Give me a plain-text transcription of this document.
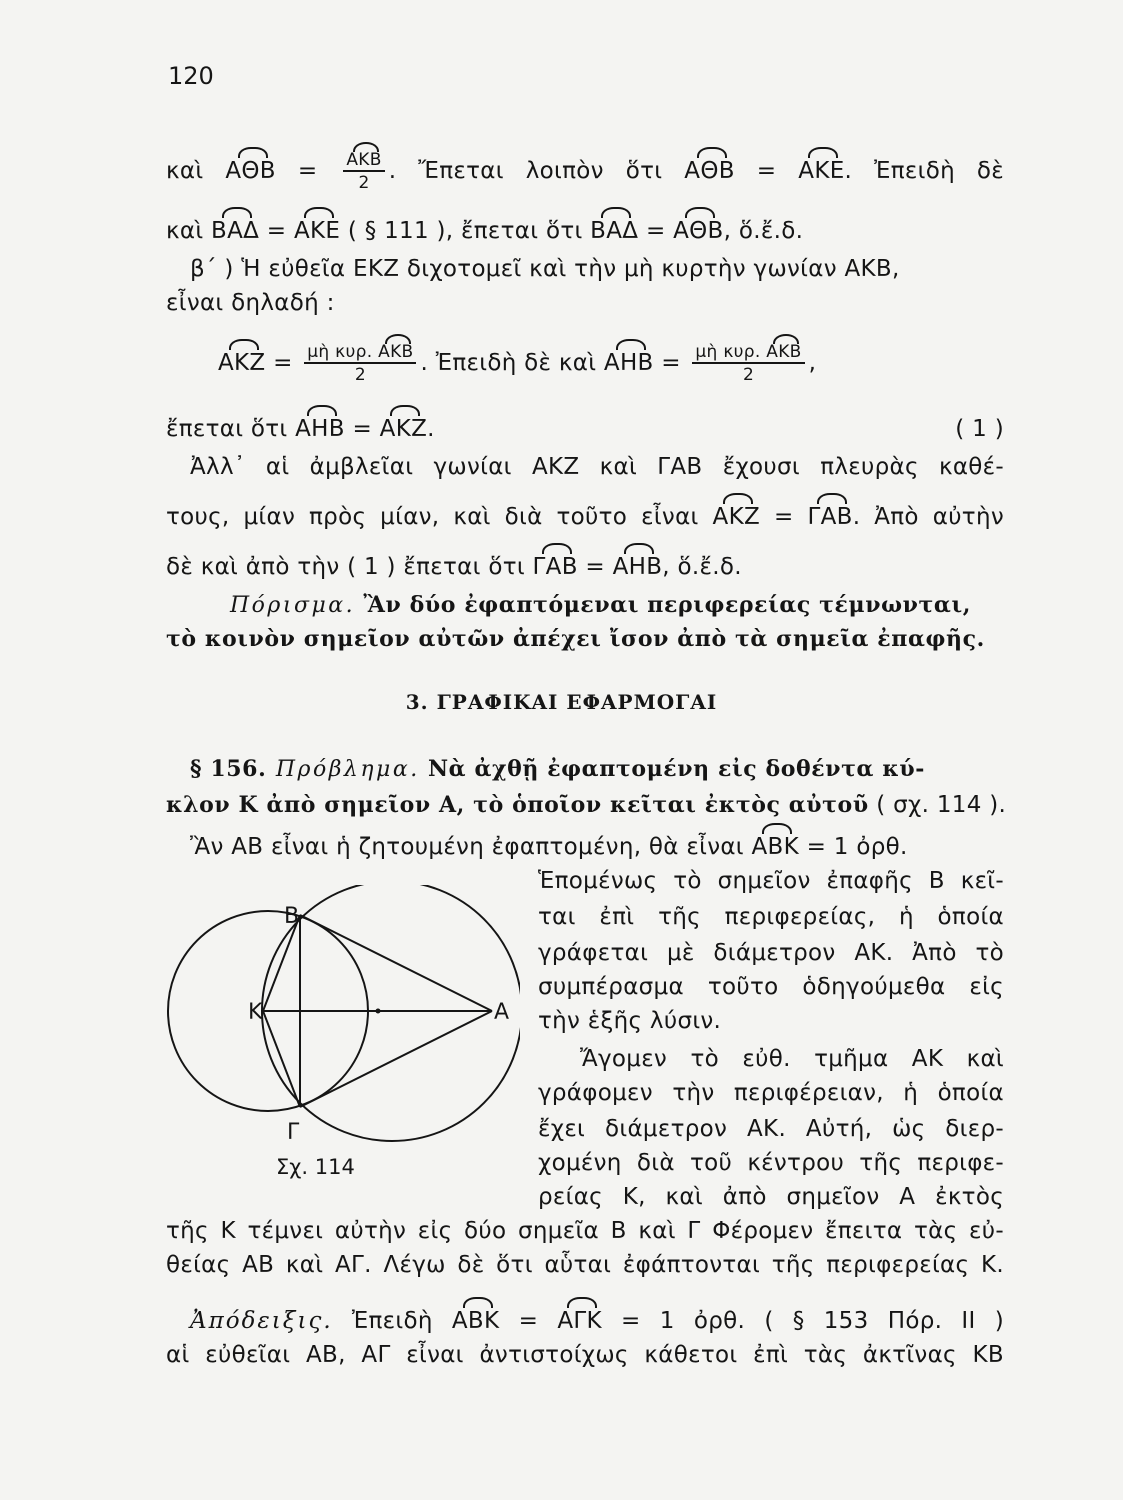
120
καὶ $A\Theta B = \frac{\text{ΑΚΒ}}{2}$ . Ἔπεται λοιπὸν ὅτι ΑΘΒ = ΑΚΕ. Ἐπειδὴ δὲ
καὶ ΒΑΔ = ΑΚΕ ( § 111 ), ἔπεται ὅτι ΒΑΔ = ΑΘΒ, ὅ.ἔ.δ.
β΄ ) Ἡ εὐθεῖα ΕΚΖ διχοτομεῖ καὶ τὴν μὴ κυρτὴν γωνίαν ΑΚΒ,
εἶναι δηλαδή :
$AKZ = \frac{\text{μὴ κυρ. ΑΚΒ}}{2}$ . Ἐπειδὴ δὲ καὶ $AHB = \frac{\text{μὴ κυρ. ΑΚΒ}}{2}$ ,
ἔπεται ὅτι ΑΗΒ = ΑΚΖ.	( 1 )
Ἀλλ᾽ αἱ ἀμβλεῖαι γωνίαι ΑΚΖ καὶ ΓΑΒ ἔχουσι πλευρὰς καθέ-
τους, μίαν πρὸς μίαν, καὶ διὰ τοῦτο εἶναι ΑΚΖ = ΓΑΒ. Ἀπὸ αὐτὴν
δὲ καὶ ἀπὸ τὴν ( 1 ) ἔπεται ὅτι ΓΑΒ = ΑΗΒ, ὅ.ἔ.δ.
Πόρισμα. Ἂν δύο ἐφαπτόμεναι περιφερείας τέμνωνται,
τὸ κοινὸν σημεῖον αὐτῶν ἀπέχει ἴσον ἀπὸ τὰ σημεῖα ἐπαφῆς.
3. ΓΡΑΦΙΚΑΙ ΕΦΑΡΜΟΓΑΙ
§ 156. Πρόβλημα. Νὰ ἀχθῇ ἐφαπτομένη εἰς δοθέντα κύ-
κλον Κ ἀπὸ σημεῖον Α, τὸ ὁποῖον κεῖται ἐκτὸς αὐτοῦ ( σχ. 114 ).
Ἂν ΑΒ εἶναι ἡ ζητουμένη ἐφαπτομένη, θὰ εἶναι ΑΒΚ = 1 ὀρθ.
Ἑπομένως τὸ σημεῖον ἐπαφῆς Β κεῖ-
ται ἐπὶ τῆς περιφερείας, ἡ ὁποία
γράφεται μὲ διάμετρον ΑΚ. Ἀπὸ τὸ
συμπέρασμα τοῦτο ὁδηγούμεθα εἰς
τὴν ἑξῆς λύσιν.
Ἄγομεν τὸ εὐθ. τμῆμα ΑΚ καὶ
γράφομεν τὴν περιφέρειαν, ἡ ὁποία
ἔχει διάμετρον ΑΚ. Αὐτή, ὡς διερ-
χομένη διὰ τοῦ κέντρου τῆς περιφε-
ρείας Κ, καὶ ἀπὸ σημεῖον Α ἐκτὸς
Β
Κ	Α
Γ
Σχ. 114
τῆς Κ τέμνει αὐτὴν εἰς δύο σημεῖα Β καὶ Γ Φέρομεν ἔπειτα τὰς εὐ-
θείας ΑΒ καὶ ΑΓ. Λέγω δὲ ὅτι αὗται ἐφάπτονται τῆς περιφερείας Κ.
Ἀπόδειξις. Ἐπειδὴ ΑΒΚ = ΑΓΚ = 1 ὀρθ. ( § 153 Πόρ. ΙΙ )
αἱ εὐθεῖαι ΑΒ, ΑΓ εἶναι ἀντιστοίχως κάθετοι ἐπὶ τὰς ἀκτῖνας ΚΒ
